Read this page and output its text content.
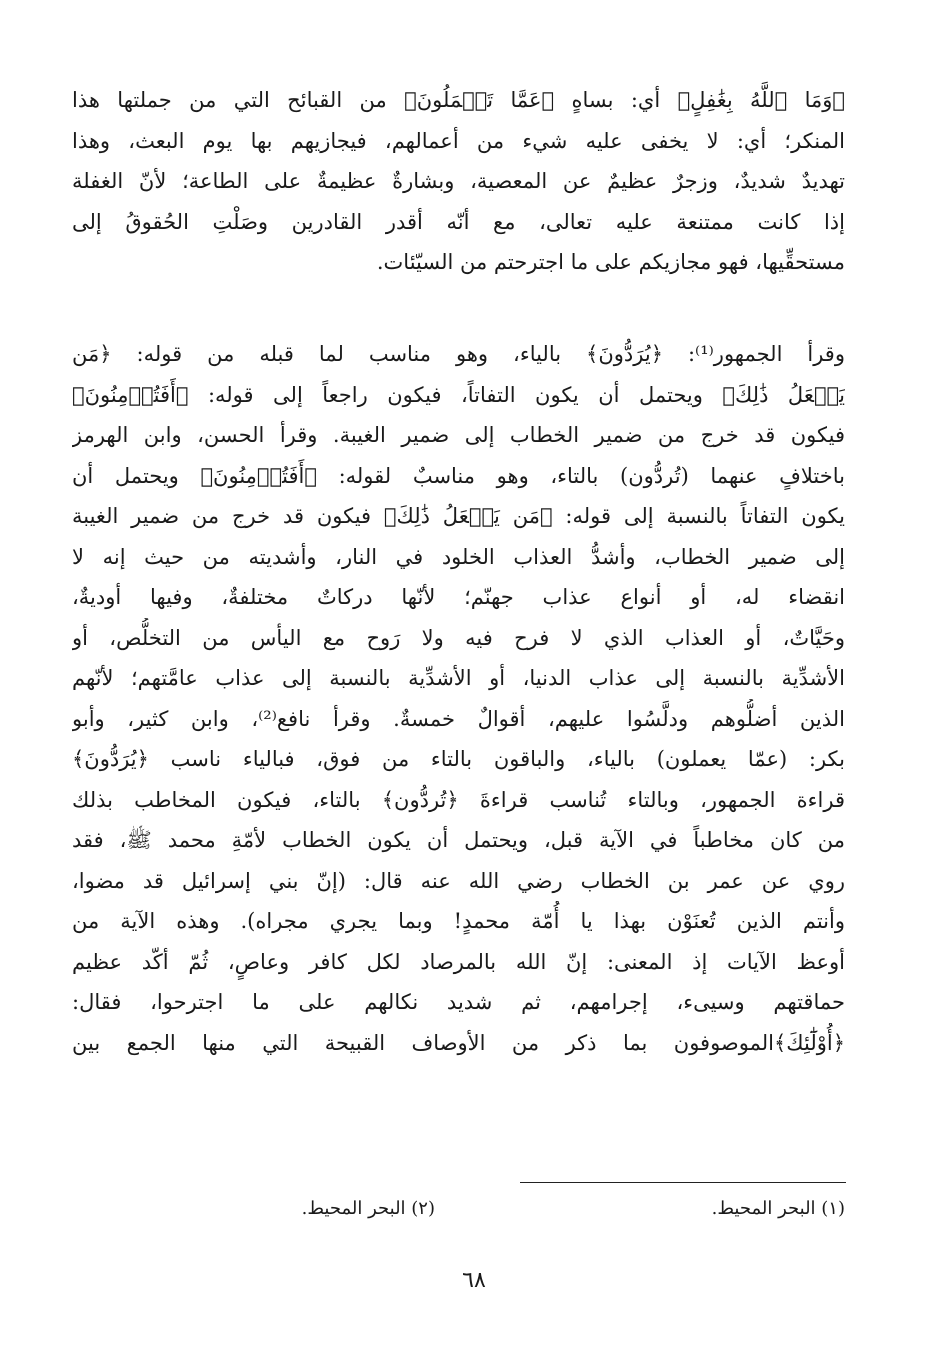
﴿وَمَا ٱللَّهُ بِغَٰفِلٍ﴾ أي: بساهٍ ﴿عَمَّا تَعۡمَلُونَ﴾ من القبائح التي من جملتها هذا
المنكر؛ أي: لا يخفى عليه شيء من أعمالهم، فيجازيهم بها يوم البعث، وهذا
تهديدٌ شديدٌ، وزجرٌ عظيمٌ عن المعصية، وبشارةٌ عظيمةٌ على الطاعة؛ لأنّ الغفلة
إذا كانت ممتنعة عليه تعالى، مع أنّه أقدر القادرين وصَلْتِ الحُقوقُ إلى
مستحقِّيها، فهو مجازيكم على ما اجترحتم من السيّئات.
وقرأ الجمهور⁽¹⁾: ﴿يُرَدُّونَ﴾ بالياء، وهو مناسب لما قبله من قوله: ﴿مَن
يَفۡعَلُ ذَٰلِكَ﴾ ويحتمل أن يكون التفاتاً، فيكون راجعاً إلى قوله: ﴿أَفَتُؤۡمِنُونَ﴾
فيكون قد خرج من ضمير الخطاب إلى ضمير الغيبة. وقرأ الحسن، وابن الهرمز
باختلافٍ عنهما (تُردُّون) بالتاء، وهو مناسبٌ لقوله: ﴿أَفَتُؤۡمِنُونَ﴾ ويحتمل أن
يكون التفاتاً بالنسبة إلى قوله: ﴿مَن يَفۡعَلُ ذَٰلِكَ﴾ فيكون قد خرج من ضمير الغيبة
إلى ضمير الخطاب، وأشدُّ العذاب الخلود في النار، وأشديته من حيث إنه لا
انقضاء له، أو أنواع عذاب جهنّم؛ لأنّها دركاتٌ مختلفةٌ، وفيها أوديةٌ،
وحَيَّاتٌ، أو العذاب الذي لا فرح فيه ولا رَوح مع اليأس من التخلُّص، أو
الأشدِّية بالنسبة إلى عذاب الدنيا، أو الأشدِّية بالنسبة إلى عذاب عامَّتهم؛ لأنّهم
الذين أضلُّوهم ودلَّسُوا عليهم، أقوالٌ خمسةٌ. وقرأ نافع⁽²⁾، وابن كثير، وأبو
بكر: (عمّا يعملون) بالياء، والباقون بالتاء من فوق، فبالياء ناسب ﴿يُرَدُّونَ﴾
قراءة الجمهور، وبالتاء تُناسب قراءةَ ﴿تُردُّون﴾ بالتاء، فيكون المخاطب بذلك
من كان مخاطباً في الآية قبل، ويحتمل أن يكون الخطاب لأمّةِ محمد ﷺ، فقد
روي عن عمر بن الخطاب رضي الله عنه قال: (إنّ بني إسرائيل قد مضوا،
وأنتم الذين تُعنَوْن بهذا يا أُمّة محمدٍ! وبما يجري مجراه). وهذه الآية من
أوعظ الآيات إذ المعنى: إنّ الله بالمرصاد لكل كافر وعاصٍ، ثُمّ أكّد عظيم
حماقتهم وسيىء، إجرامهم، ثم شديد نكالهم على ما اجترحوا، فقال:
﴿أُوْلَٰٓئِكَ﴾الموصوفون بما ذكر من الأوصاف القبيحة التي منها الجمع بين
(١) البحر المحيط.
(٢) البحر المحيط.
٦٨
